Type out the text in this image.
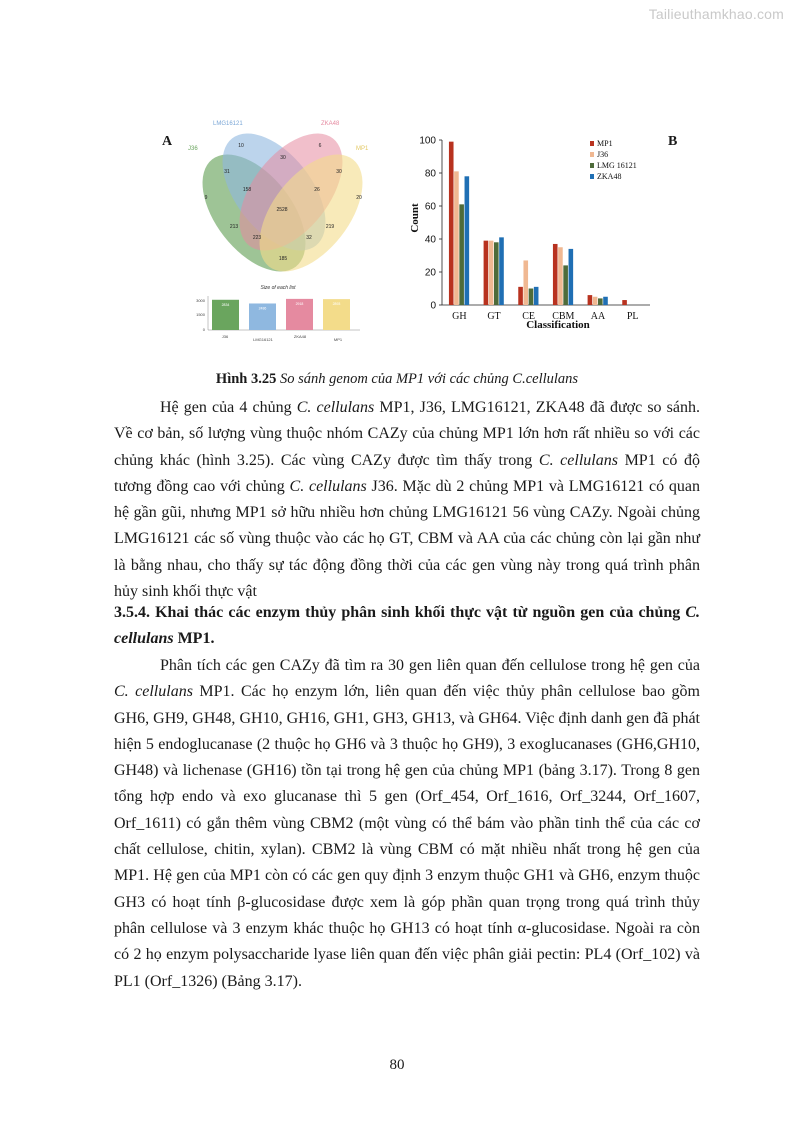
Tailieuthamkhao.com
A	J36
LMG16121	ZKA48
MP1
10
30
6
31	30
9
158	26
20
2528
213	219
223	32
185
Size of each list
3000
1500
0
2834
2486
2918	2893
J36
LMG16121
ZKA48
MP1
B
0
20
40
60
80
100
GH GT CE CBM AA PL
MP1
J36
LMG 16121
ZKA48
Count
Classification
Hình 3.25 So sánh genom của MP1 với các chủng C.cellulans

Hệ gen của 4 chủng C. cellulans MP1, J36, LMG16121, ZKA48 đã được so sánh. Về cơ bản, số lượng vùng thuộc nhóm CAZy của chủng MP1 lớn hơn rất nhiều so với các chủng khác (hình 3.25). Các vùng CAZy được tìm thấy trong C. cellulans MP1 có độ tương đồng cao với chủng C. cellulans J36. Mặc dù 2 chủng MP1 và LMG16121 có quan hệ gần gũi, nhưng MP1 sở hữu nhiều hơn chủng LMG16121 56 vùng CAZy. Ngoài chủng LMG16121 các số vùng thuộc vào các họ GT, CBM và AA của các chủng còn lại gần như là bằng nhau, cho thấy sự tác động đồng thời của các gen vùng này trong quá trình phân hủy sinh khối thực vật

3.5.4. Khai thác các enzym thủy phân sinh khối thực vật từ nguồn gen của chủng C. cellulans MP1.

Phân tích các gen CAZy đã tìm ra 30 gen liên quan đến cellulose trong hệ gen của C. cellulans MP1. Các họ enzym lớn, liên quan đến việc thủy phân cellulose bao gồm GH6, GH9, GH48, GH10, GH16, GH1, GH3, GH13, và GH64. Việc định danh gen đã phát hiện 5 endoglucanase (2 thuộc họ GH6 và 3 thuộc họ GH9), 3 exoglucanases (GH6,GH10, GH48) và lichenase (GH16) tồn tại trong hệ gen của chủng MP1 (bảng 3.17). Trong 8 gen tổng hợp endo và exo glucanase thì 5 gen (Orf_454, Orf_1616, Orf_3244, Orf_1607, Orf_1611) có gắn thêm vùng CBM2 (một vùng có thể bám vào phần tinh thể của các cơ chất cellulose, chitin, xylan). CBM2 là vùng CBM có mặt nhiều nhất trong hệ gen của MP1. Hệ gen của MP1 còn có các gen quy định 3 enzym thuộc GH1 và GH6, enzym thuộc GH3 có hoạt tính β-glucosidase được xem là góp phần quan trọng trong quá trình thủy phân cellulose và 3 enzym khác thuộc họ GH13 có hoạt tính α-glucosidase. Ngoài ra còn có 2 họ enzym polysaccharide lyase liên quan đến việc phân giải pectin: PL4 (Orf_102) và PL1 (Orf_1326) (Bảng 3.17).

80
